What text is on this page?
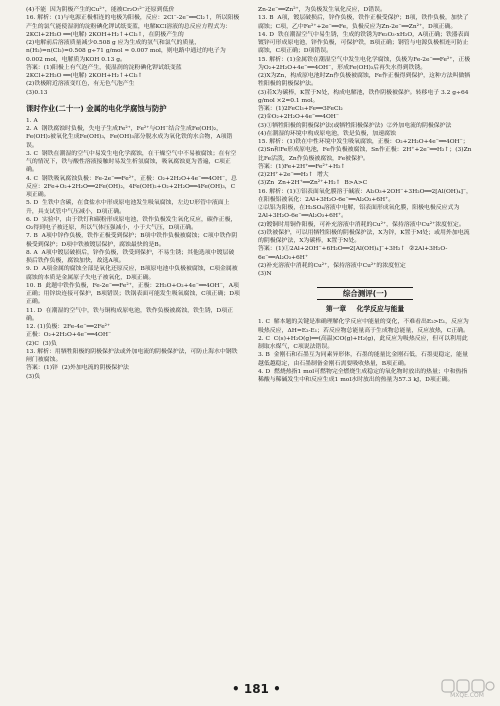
(4)不能  因为阴极产生的Cu²⁺，能被Cr₂O₇²⁻还原到低价

16. 解析：(1)与电源正极相连的电极为阳极，反应：2Cl⁻-2e⁻══Cl₂↑，所以阳极产生的氯气能使湿润的淀粉碘化钾试纸变蓝，电解KCl溶液的总反应方程式为：

2KCl+2H₂O ══(电解) 2KOH+H₂↑+Cl₂↑，在阴极产生的

(2)电解前后溶液质量减少0.508 g 应为生成的氢气和氯气的质量，n(H₂)=n(Cl₂)=0.508 g÷71 g/mol ≈ 0.007 mol，则电路中通过的电子为0.002 mol，电解质为KOH 0.13 g。

答案：(1)阳极上有气泡产生，使湿润的淀粉碘化钾试纸变蓝

2KCl+2H₂O ══(电解) 2KOH+H₂↑+Cl₂↑

(2)铁极附近溶液变红色，有无色气泡产生

(3)0.13

课时作业(二十一) 金属的电化学腐蚀与防护

1. A

2. A  钢铁腐蚀时负极，失电子生成Fe²⁺，Fe²⁺与OH⁻结合生成Fe(OH)₂，Fe(OH)₂被氧化生成Fe(OH)₃，Fe(OH)₃部分脱水成为氧化铁的水合物，A项错误。

3. C  钢铁在潮湿的空气中易发生电化学腐蚀，在干燥空气中不易被腐蚀；在有空气的情况下，铁与酸性溶液接触时易发生析氢腐蚀，吸氧腐蚀更为普遍，C项正确。

4. C  钢铁吸氧腐蚀负极：Fe-2e⁻══Fe²⁺，正极：O₂+2H₂O+4e⁻══4OH⁻，总反应：2Fe+O₂+2H₂O══2Fe(OH)₂，4Fe(OH)₂+O₂+2H₂O══4Fe(OH)₃，C项正确。

5. D  生铁中含碳，在食盐水中形成原电池发生吸氧腐蚀，左边U形管中液面上升，具支试管中气压减小，D项正确。

6. D  实验中，由于铁钉和碳粉形成原电池，铁作负极发生氧化反应，碳作正极，O₂得到电子被还原，所以气体压强减小，小于大气压，D项正确。

7. B  A项中锌作负极，铁作正极受到保护；B项中铁作负极被腐蚀；C项中铁作阴极受到保护；D项中铁被镀层保护，腐蚀最快的是B。

8. A  A项中镀层破损后，锌作负极，铁受到保护，不易生锈；其他选项中镀层破损后铁作负极，腐蚀加快，故选A项。

9. D  A项金属的腐蚀全部是氧化还原反应，B项原电池中负极被腐蚀，C项金属被腐蚀的本质是金属原子失电子被氧化，D项正确。

10. B  此题中铁作负极，Fe-2e⁻══Fe²⁺，正极：2H₂O+O₂+4e⁻══4OH⁻，A项正确；用锌块连接可保护，B项错误；铁锅表面可能发生吸氧腐蚀，C项正确；D项正确。

11. D  在潮湿的空气中，铁与铜构成原电池，铁作负极被腐蚀，铁生锈，D项正确。

12. (1)负极：2Fe-4e⁻══2Fe²⁺

正极：O₂+2H₂O+4e⁻══4OH⁻

(2)C  (3)负

13. 解析：用牺牲阳极的阴极保护法或外加电流的阴极保护法，可防止海水中钢铁闸门被腐蚀。

答案：(1)锌  (2)外加电流的阴极保护法

(3)负

Zn-2e⁻══Zn²⁺，为负极发生氧化反应，D错误。

13. B  A项，镀层破损后，锌作负极，铁作正极受保护；B项，铁作负极，加快了腐蚀；C项，乙中Fe²⁺+2e⁻══Fe，负极反应为Zn-2e⁻══Zn²⁺，D项正确。

14. D  铁在潮湿空气中易生锈，生成的铁锈为Fe₂O₃·xH₂O，A项正确；铁器表面镀锌可形成原电池，锌作负极，可保护铁，B项正确；钢管与电源负极相连可防止腐蚀，C项正确；D项错误。

15. 解析：(1)金属铁在潮湿空气中发生电化学腐蚀，负极为Fe-2e⁻══Fe²⁺，正极为O₂+2H₂O+4e⁻══4OH⁻，形成Fe(OH)₃后再失水得到铁锈。

(2)X为Zn，构成原电池时Zn作负极被腐蚀，Fe作正极得到保护，这种方法叫做牺牲阳极的阴极保护法。

(3)若X为碳棒，K置于N处，构成电解池，铁作阴极被保护。转移电子 3.2 g÷64 g/mol ×2=0.1 mol。

答案：(1)2FeCl₃+Fe══3FeCl₂

(2)①O₂+2H₂O+4e⁻══4OH⁻

(3)①牺牲阳极的阴极保护法(或牺牲阳极保护法)  ②外加电流的阴极保护法

(4)在潮湿的环境中构成原电池，铁是负极，加速腐蚀

15. 解析：(1)铁在中性环境中发生吸氧腐蚀，正极：O₂+2H₂O+4e⁻══4OH⁻；(2)Sn和Fe形成原电池，Fe作负极被腐蚀，Sn作正极：2H⁺+2e⁻══H₂↑；(3)Zn比Fe活泼，Zn作负极被腐蚀，Fe被保护。

答案：(1)Fe+2H⁺══Fe²⁺+H₂↑

(2)2H⁺+2e⁻══H₂↑  增大

(3)Zn  Zn+2H⁺══Zn²⁺+H₂↑  B>A>C

16. 解析：(1)①铝表面氧化膜溶于碱液：Al₂O₃+2OH⁻+3H₂O══2[Al(OH)₄]⁻，在阳极铝被氧化：2Al+3H₂O-6e⁻══Al₂O₃+6H⁺。

②以铝为阳极，在H₂SO₄溶液中电解，铝表面形成氧化膜，阳极电极反应式为2Al+3H₂O-6e⁻══Al₂O₃+6H⁺。

(2)镀铜时用铜作阳极，可补充溶液中消耗的Cu²⁺，保持溶液中Cu²⁺浓度恒定。

(3)铁被保护，可以用牺牲阳极的阴极保护法，X为锌，K置于M处；或用外加电流的阴极保护法，X为碳棒，K置于N处。

答案：(1)①2Al+2OH⁻+6H₂O══2[Al(OH)₄]⁻+3H₂↑  ②2Al+3H₂O-6e⁻══Al₂O₃+6H⁺

(2)补充溶液中消耗的Cu²⁺，保持溶液中Cu²⁺的浓度恒定

(3)N

综合测评(一)
第一章 化学反应与能量

1. C  解本题的关键是准确理解化学反应中能量的变化，不难看出E₂>E₁，反应为吸热反应，ΔH=E₂-E₁；若反应物总能量高于生成物总能量，反应放热，C正确。

2. C  C(s)+H₂O(g)══(高温)CO(g)+H₂(g)，此反应为吸热反应，但可以利用此制取水煤气，C项说法错误。

3. B  金刚石和石墨互为同素异形体，石墨的能量比金刚石低，石墨更稳定，能量越低越稳定，由石墨制备金刚石需要吸收热量，B项正确。

4. D  燃烧热指1 mol可燃物完全燃烧生成稳定的氧化物时放出的热量；中和热指稀酸与稀碱发生中和反应生成1 mol水时放出的热量为57.3 kJ，D项正确。

• 181 •	MXQE.COM
